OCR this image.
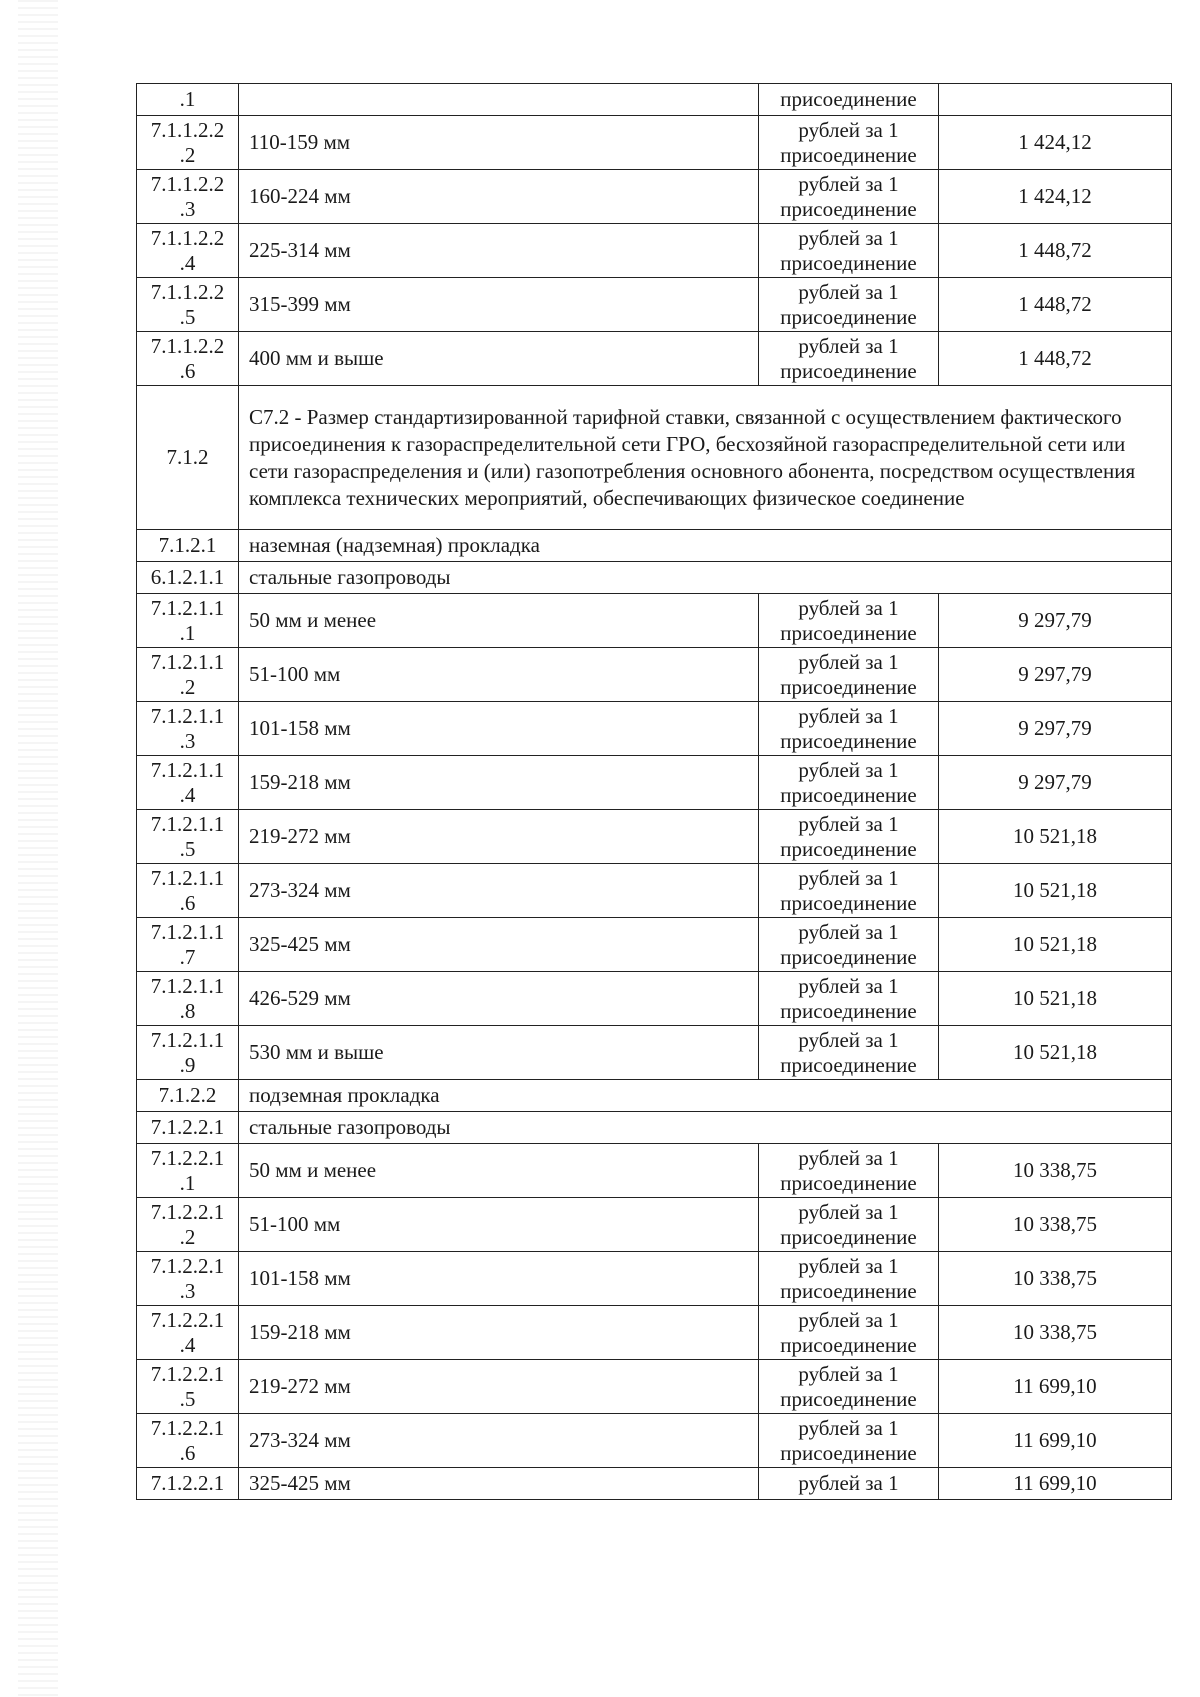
.1		присоединение	
7.1.1.2.2 .2	110-159 мм	рублей за 1 присоединение	1 424,12
7.1.1.2.2 .3	160-224 мм	рублей за 1 присоединение	1 424,12
7.1.1.2.2 .4	225-314 мм	рублей за 1 присоединение	1 448,72
7.1.1.2.2 .5	315-399 мм	рублей за 1 присоединение	1 448,72
7.1.1.2.2 .6	400 мм и выше	рублей за 1 присоединение	1 448,72
7.1.2	С7.2 - Размер стандартизированной тарифной ставки, связанной с осуществлением фактического присоединения к газораспределительной сети ГРО, бесхозяйной газораспределительной сети или сети газораспределения и (или) газопотребления основного абонента, посредством осуществления комплекса технических мероприятий, обеспечивающих физическое соединение		
7.1.2.1	наземная (надземная) прокладка		
6.1.2.1.1	стальные газопроводы		
7.1.2.1.1 .1	50 мм и менее	рублей за 1 присоединение	9 297,79
7.1.2.1.1 .2	51-100 мм	рублей за 1 присоединение	9 297,79
7.1.2.1.1 .3	101-158 мм	рублей за 1 присоединение	9 297,79
7.1.2.1.1 .4	159-218 мм	рублей за 1 присоединение	9 297,79
7.1.2.1.1 .5	219-272 мм	рублей за 1 присоединение	10 521,18
7.1.2.1.1 .6	273-324 мм	рублей за 1 присоединение	10 521,18
7.1.2.1.1 .7	325-425 мм	рублей за 1 присоединение	10 521,18
7.1.2.1.1 .8	426-529 мм	рублей за 1 присоединение	10 521,18
7.1.2.1.1 .9	530 мм и выше	рублей за 1 присоединение	10 521,18
7.1.2.2	подземная прокладка		
7.1.2.2.1	стальные газопроводы		
7.1.2.2.1 .1	50 мм и менее	рублей за 1 присоединение	10 338,75
7.1.2.2.1 .2	51-100 мм	рублей за 1 присоединение	10 338,75
7.1.2.2.1 .3	101-158 мм	рублей за 1 присоединение	10 338,75
7.1.2.2.1 .4	159-218 мм	рублей за 1 присоединение	10 338,75
7.1.2.2.1 .5	219-272 мм	рублей за 1 присоединение	11 699,10
7.1.2.2.1 .6	273-324 мм	рублей за 1 присоединение	11 699,10
7.1.2.2.1	325-425 мм	рублей за 1	11 699,10
